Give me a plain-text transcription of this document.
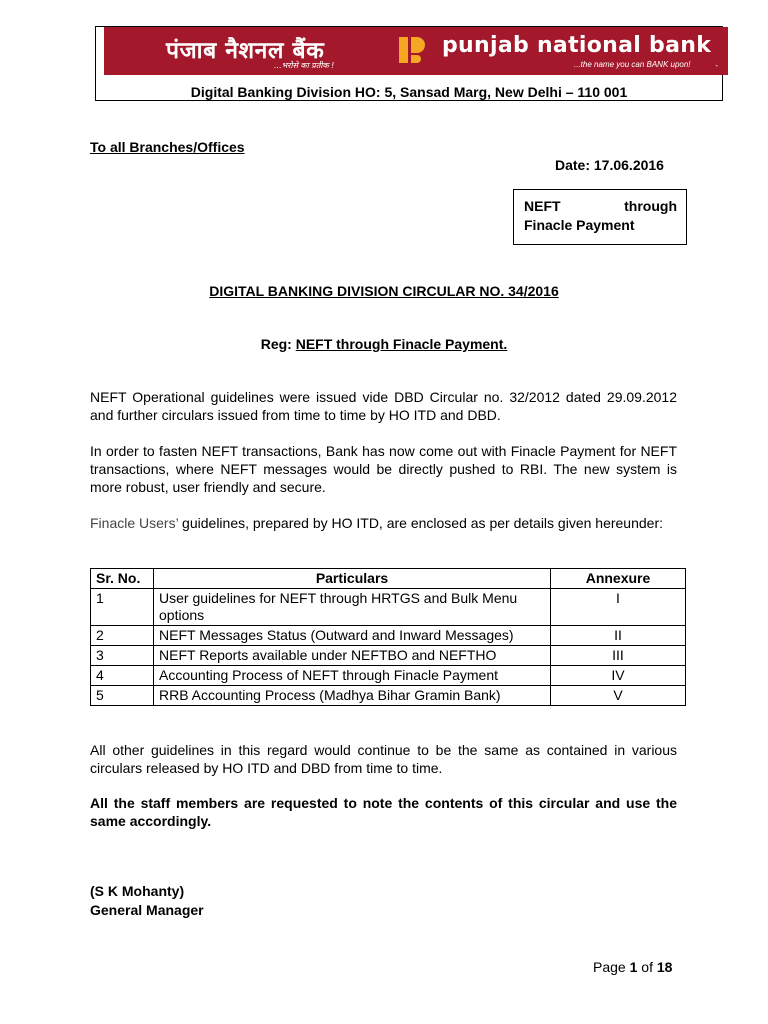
पंजाब नैशनल बैंक
...भरोसे का प्रतीक !
punjab national bank
...the name you can BANK upon!	-
Digital Banking Division HO: 5, Sansad Marg, New Delhi – 110 001
To all Branches/Offices
Date: 17.06.2016
NEFT	through
Finacle Payment
DIGITAL BANKING DIVISION CIRCULAR NO. 34/2016
Reg: NEFT through Finacle Payment.
NEFT Operational guidelines were issued vide DBD Circular no. 32/2012 dated 29.09.2012 and further circulars issued from time to time by HO ITD and DBD.
In order to fasten NEFT transactions, Bank has now come out with Finacle Payment for NEFT transactions, where NEFT messages would be directly pushed to RBI. The new system is more robust, user friendly and secure.
Finacle Users’ guidelines, prepared by HO ITD, are enclosed as per details given hereunder:
Sr. No.	Particulars	Annexure
1	User guidelines for NEFT through HRTGS and Bulk Menu options	I
2	NEFT Messages Status (Outward and Inward Messages)	II
3	NEFT Reports available under NEFTBO and NEFTHO	III
4	Accounting Process of NEFT through Finacle Payment	IV
5	RRB Accounting Process (Madhya Bihar Gramin Bank)	V
All other guidelines in this regard would continue to be the same as contained in various circulars released by HO ITD and DBD from time to time.
All the staff members are requested to note the contents of this circular and use the same accordingly.
(S K Mohanty)
General Manager
Page 1 of 18
